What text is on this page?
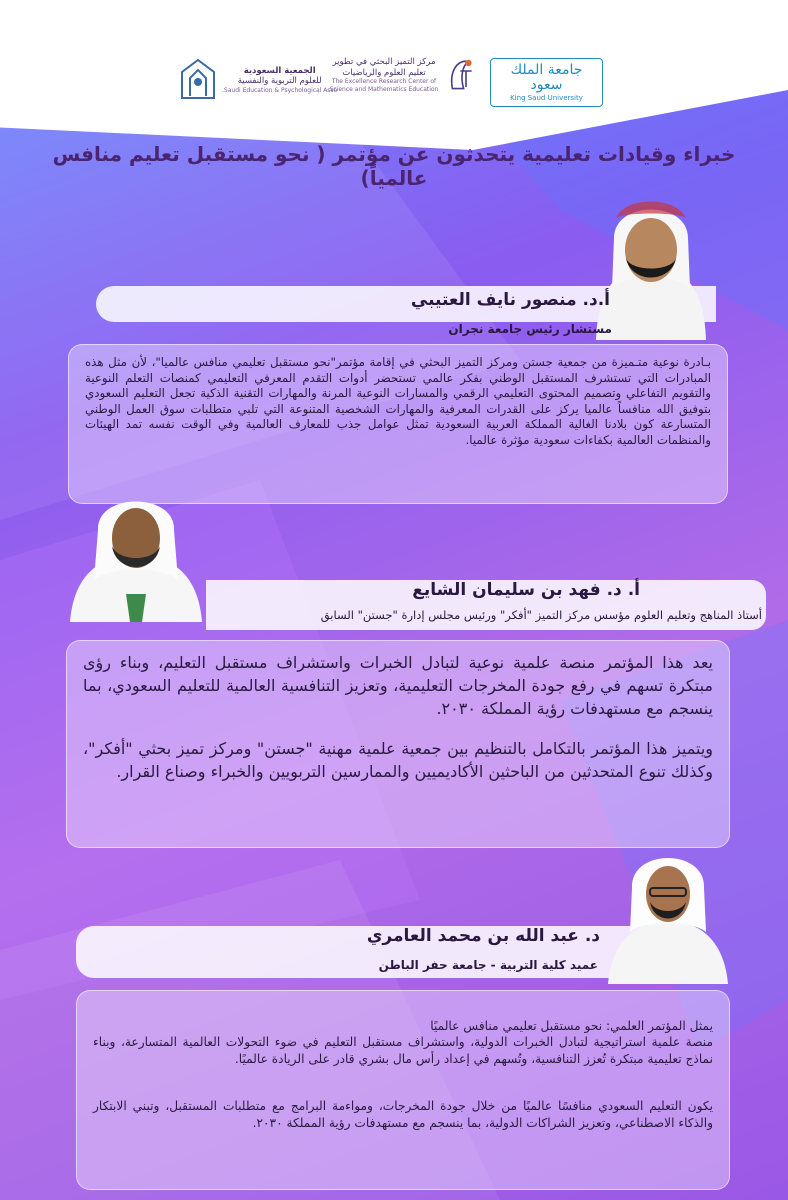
جامعة الملك سعود
King Saud University
مركز التميز البحثي في تطوير
تعليم العلوم والرياضيات
The Excellence Research Center of Science and Mathematics Education
الجمعية السعودية
للعلوم التربوية والنفسية
Saudi Education & Psychological Asso.
خبراء وقيادات تعليمية يتحدثون عن مؤتمر ( نحو مستقبل تعليم منافس عالمياً)
أ.د. منصور نايف العتيبي
مستشار رئيس جامعة نجران

بـادرة نوعية متـميزة من جمعية جستن ومركز التميز البحثي في إقامة مؤتمر"نحو مستقبل تعليمي منافس عالميا"، لأن مثل هذه المبادرات التي تستشرف المستقبل الوطني بفكر عالمي تستحضر أدوات التقدم المعرفي التعليمي كمنصات التعلم النوعية والتقويم التفاعلي وتصميم المحتوى التعليمي الرقمي والمسارات النوعية المرنة والمهارات التقنية الذكية تجعل التعليم السعودي بتوفيق الله منافساً عالميا يركز على القدرات المعرفية والمهارات الشخصية المتنوعة التي تلبي متطلبات سوق العمل الوطني المتسارعة كون بلادنا الغالية المملكة العربية السعودية تمثل عوامل جذب للمعارف العالمية وفي الوقت نفسه تمد الهيئات والمنظمات العالمية بكفاءات سعودية مؤثرة عالميا.

أ. د. فهد بن سليمان الشايع
أستاذ المناهج وتعليم العلوم مؤسس مركز التميز "أفكر" ورئيس مجلس إدارة "جستن" السابق

يعد هذا المؤتمر منصة علمية نوعية لتبادل الخبرات واستشراف مستقبل التعليم، وبناء رؤى مبتكرة تسهم في رفع جودة المخرجات التعليمية، وتعزيز التنافسية العالمية للتعليم السعودي، بما ينسجم مع مستهدفات رؤية المملكة ٢٠٣٠.

ويتميز هذا المؤتمر بالتكامل بالتنظيم بين جمعية علمية مهنية "جستن" ومركز تميز بحثي "أفكر"، وكذلك تنوع المتحدثين من الباحثين الأكاديميين والممارسين التربويين والخبراء وصناع القرار.

د. عبد الله بن محمد العامري
عميد كلية التربية - جامعة حفر الباطن

يمثل المؤتمر العلمي: نحو مستقبل تعليمي منافس عالميًا
منصة علمية استراتيجية لتبادل الخبرات الدولية، واستشراف مستقبل التعليم في ضوء التحولات العالمية المتسارعة، وبناء نماذج تعليمية مبتكرة تُعزز التنافسية، وتُسهم في إعداد رأس مال بشري قادر على الريادة عالميًا.

يكون التعليم السعودي منافسًا عالميًا من خلال جودة المخرجات، ومواءمة البرامج مع متطلبات المستقبل، وتبني الابتكار والذكاء الاصطناعي، وتعزيز الشراكات الدولية، بما ينسجم مع مستهدفات رؤية المملكة ٢٠٣٠.
